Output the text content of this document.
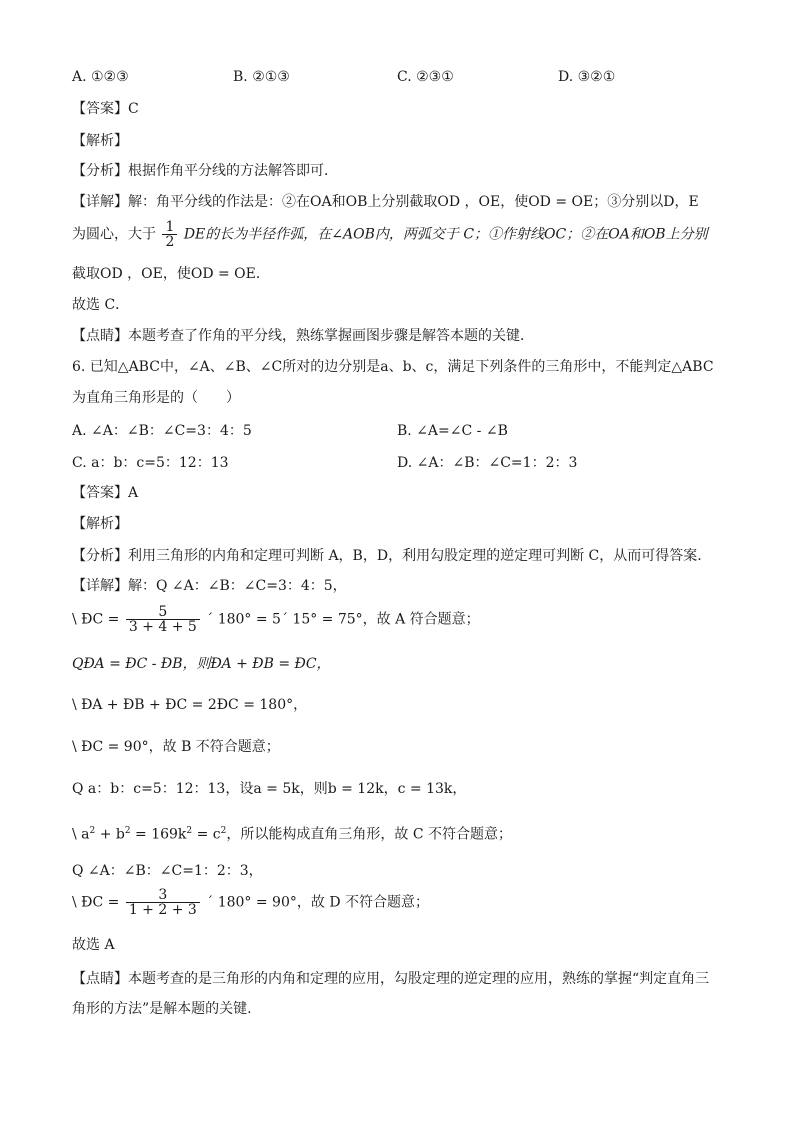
A. ①②③	B. ②①③	C. ②③①	D. ③②①
【答案】C
【解析】
【分析】根据作角平分线的方法解答即可．
【详解】解：角平分线的作法是：②在OA和OB上分别截取OD ，OE，使OD = OE；③分别以D，E
为圆心，大于 $\frac{1}{2}$ DE的长为半径作弧，在∠AOB内，两弧交于 C；①作射线OC；②在OA和OB上分别
截取OD ，OE，使OD = OE．
故选 C．
【点睛】本题考查了作角的平分线，熟练掌握画图步骤是解答本题的关键．
6. 已知△ABC中，∠A、∠B、∠C所对的边分别是a、b、c，满足下列条件的三角形中，不能判定△ABC
为直角三角形是的（　　）
A. ∠A：∠B：∠C=3：4：5	B. ∠A=∠C - ∠B
C. a：b：c=5：12：13	D. ∠A：∠B：∠C=1：2：3
【答案】A
【解析】
【分析】利用三角形的内角和定理可判断 A，B，D，利用勾股定理的逆定理可判断 C，从而可得答案.
【详解】解：Q ∠A：∠B：∠C=3：4：5，
\ ÐC = $\frac{5}{3 + 4 + 5}$ ´ 180° = 5´ 15° = 75°，故 A 符合题意；
QÐA = ÐC - ÐB，则ÐA + ÐB = ÐC，
\ ÐA + ÐB + ÐC = 2ÐC = 180°，
\ ÐC = 90°，故 B 不符合题意；
Q a：b：c=5：12：13，设a = 5k，则b = 12k，c = 13k，
\ $a^2 + b^2 = 169k^2 = c^2$，所以能构成直角三角形，故 C 不符合题意；
Q ∠A：∠B：∠C=1：2：3，
\ ÐC = $\frac{3}{1 + 2 + 3}$ ´ 180° = 90°，故 D 不符合题意；
故选 A
【点睛】本题考查的是三角形的内角和定理的应用，勾股定理的逆定理的应用，熟练的掌握“判定直角三
角形的方法”是解本题的关键.
